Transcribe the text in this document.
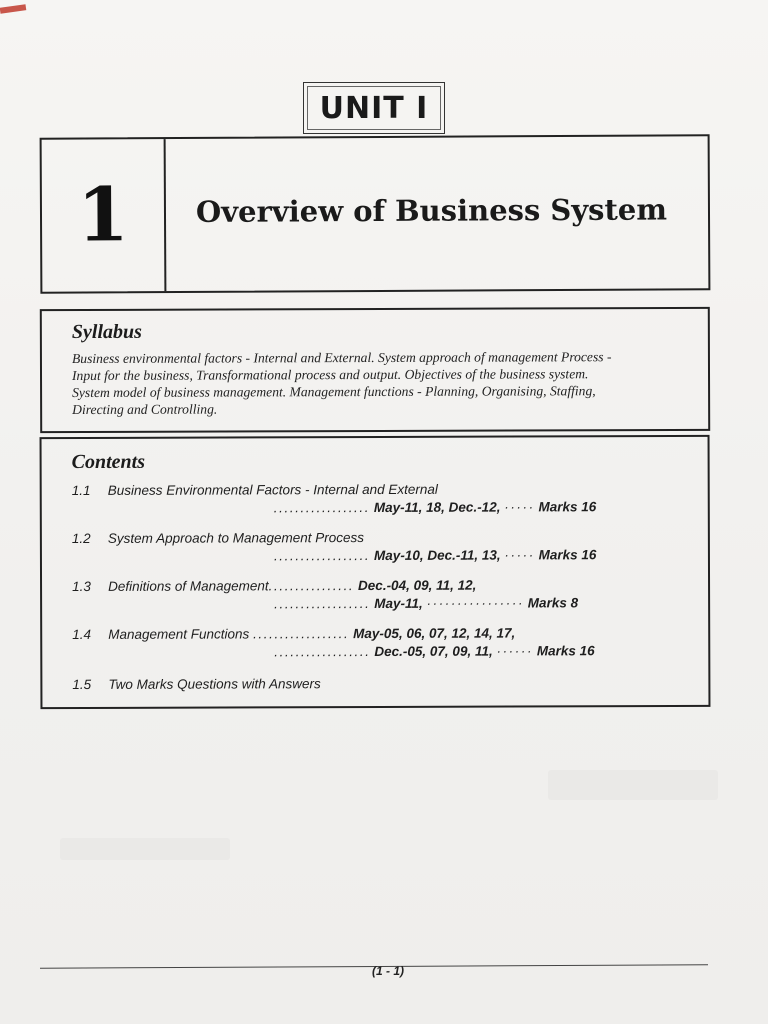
UNIT I
1 Overview of Business System
Syllabus
Business environmental factors - Internal and External. System approach of management Process -
Input for the business, Transformational process and output. Objectives of the business system.
System model of business management. Management functions - Planning, Organising, Staffing,
Directing and Controlling.
Contents
1.1 Business Environmental Factors - Internal and External
.................. May-11, 18, Dec.-12, ····· Marks 16
1.2 System Approach to Management Process
.................. May-10, Dec.-11, 13, ····· Marks 16
1.3 Definitions of Management................ Dec.-04, 09, 11, 12,
.................. May-11, ················ Marks 8
1.4 Management Functions .................. May-05, 06, 07, 12, 14, 17,
.................. Dec.-05, 07, 09, 11, ······ Marks 16
1.5 Two Marks Questions with Answers
(1 - 1)
